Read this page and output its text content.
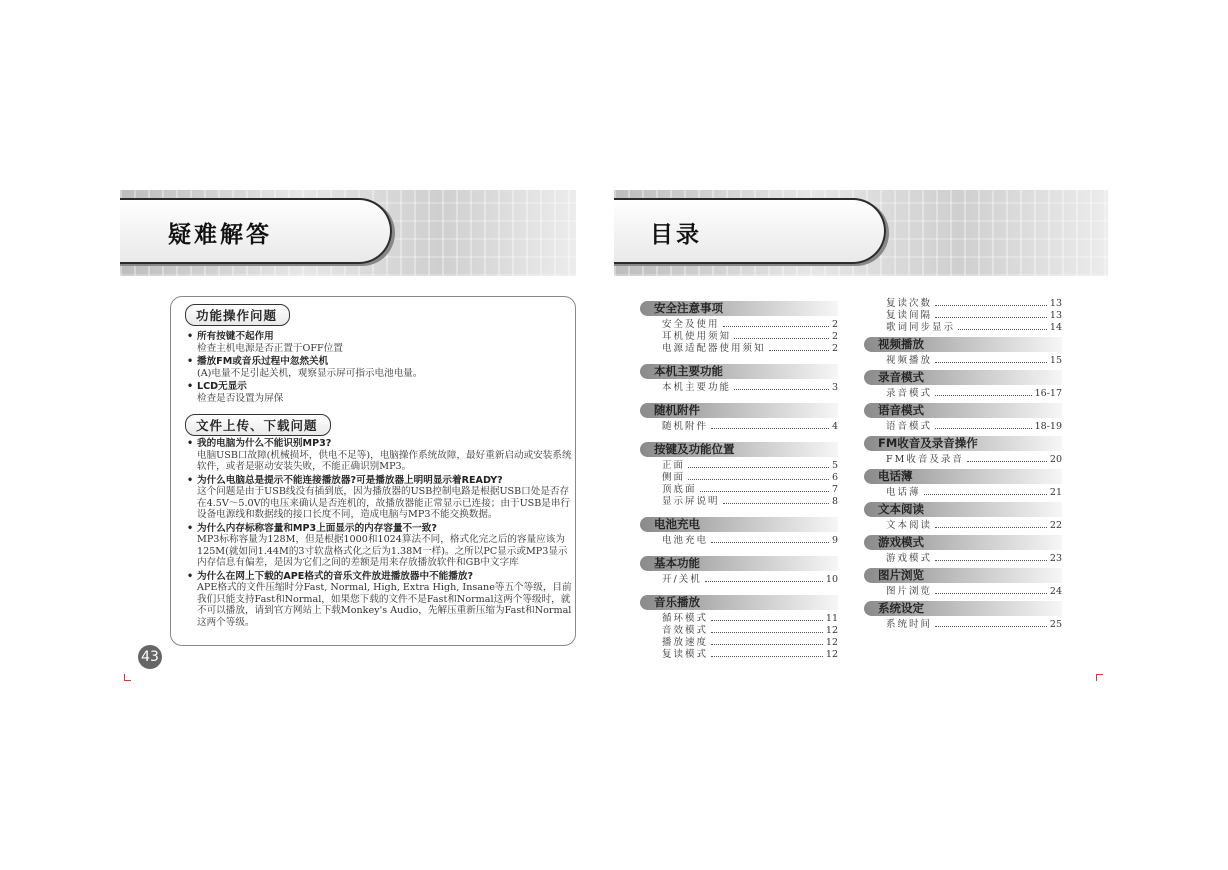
疑难解答	目录
功能操作问题
• 所有按键不起作用
检查主机电源是否正置于OFF位置
• 播放FM或音乐过程中忽然关机
(A)电量不足引起关机，观察显示屏可指示电池电量。
• LCD无显示
检查是否设置为屏保
文件上传、下载问题
• 我的电脑为什么不能识别MP3?
电脑USB口故障(机械损坏，供电不足等)，电脑操作系统故障，最好重新启动或安装系统软件，或者是驱动安装失败，不能正确识别MP3。
• 为什么电脑总是提示不能连接播放器?可是播放器上明明显示着READY?
这个问题是由于USB线没有插到底，因为播放器的USB控制电路是根据USB口处是否存在4.5V～5.0V的电压来确认是否连机的，故播放器能正常显示已连接；由于USB是串行设备电源线和数据线的接口长度不同，造成电脑与MP3不能交换数据。
• 为什么内存标称容量和MP3上面显示的内存容量不一致?
MP3标称容量为128M，但是根据1000和1024算法不同，格式化完之后的容量应该为125M(就如同1.44M的3寸软盘格式化之后为1.38M一样)。之所以PC显示或MP3显示内存信息有偏差，是因为它们之间的差额是用来存放播放软件和GB中文字库
• 为什么在网上下载的APE格式的音乐文件放进播放器中不能播放?
APE格式的文件压缩时分Fast, Normal, High, Extra High, Insane等五个等级，目前我们只能支持Fast和Normal，如果您下载的文件不是Fast和Normal这两个等级时，就不可以播放，请到官方网站上下载Monkey's Audio，先解压重新压缩为Fast和Normal这两个等级。
43
安全注意事项
安全及使用	2
耳机使用须知	2
电源适配器使用须知	2
本机主要功能
本机主要功能	3
随机附件
随机附件	4
按键及功能位置
正面	5
侧面	6
顶底面	7
显示屏说明	8
电池充电
电池充电	9
基本功能
开/关机	10
音乐播放
循环模式	11
音效模式	12
播放速度	12
复读模式	12
复读次数	13
复读间隔	13
歌词同步显示	14
视频播放
视频播放	15
录音模式
录音模式	16-17
语音模式
语音模式	18-19
FM收音及录音操作
FM收音及录音	20
电话薄
电话薄	21
文本阅读
文本阅读	22
游戏模式
游戏模式	23
图片浏览
图片浏览	24
系统设定
系统时间	25
